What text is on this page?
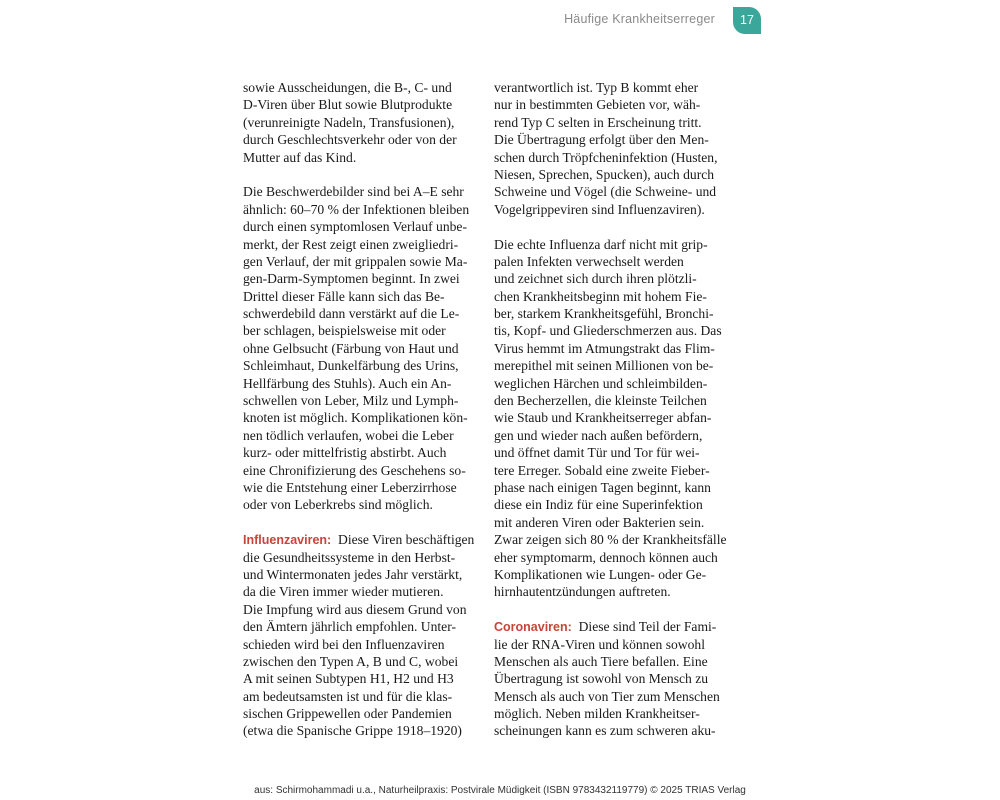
Häufige Krankheitserreger	17
sowie Ausscheidungen, die B-, C- und
D-Viren über Blut sowie Blutprodukte
(verunreinigte Nadeln, Transfusionen),
durch Geschlechtsverkehr oder von der
Mutter auf das Kind.
Die Beschwerdebilder sind bei A–E sehr
ähnlich: 60–70 % der Infektionen bleiben
durch einen symptomlosen Verlauf unbe-
merkt, der Rest zeigt einen zweigliedri-
gen Verlauf, der mit grippalen sowie Ma-
gen-Darm-Symptomen beginnt. In zwei
Drittel dieser Fälle kann sich das Be-
schwerdebild dann verstärkt auf die Le-
ber schlagen, beispielsweise mit oder
ohne Gelbsucht (Färbung von Haut und
Schleimhaut, Dunkelfärbung des Urins,
Hellfärbung des Stuhls). Auch ein An-
schwellen von Leber, Milz und Lymph-
knoten ist möglich. Komplikationen kön-
nen tödlich verlaufen, wobei die Leber
kurz- oder mittelfristig abstirbt. Auch
eine Chronifizierung des Geschehens so-
wie die Entstehung einer Leberzirrhose
oder von Leberkrebs sind möglich.
Influenzaviren: Diese Viren beschäftigen
die Gesundheitssysteme in den Herbst-
und Wintermonaten jedes Jahr verstärkt,
da die Viren immer wieder mutieren.
Die Impfung wird aus diesem Grund von
den Ämtern jährlich empfohlen. Unter-
schieden wird bei den Influenzaviren
zwischen den Typen A, B und C, wobei
A mit seinen Subtypen H1, H2 und H3
am bedeutsamsten ist und für die klas-
sischen Grippewellen oder Pandemien
(etwa die Spanische Grippe 1918–1920)
verantwortlich ist. Typ B kommt eher
nur in bestimmten Gebieten vor, wäh-
rend Typ C selten in Erscheinung tritt.
Die Übertragung erfolgt über den Men-
schen durch Tröpfcheninfektion (Husten,
Niesen, Sprechen, Spucken), auch durch
Schweine und Vögel (die Schweine- und
Vogelgrippeviren sind Influenzaviren).
Die echte Influenza darf nicht mit grip-
palen Infekten verwechselt werden
und zeichnet sich durch ihren plötzli-
chen Krankheitsbeginn mit hohem Fie-
ber, starkem Krankheitsgefühl, Bronchi-
tis, Kopf- und Gliederschmerzen aus. Das
Virus hemmt im Atmungstrakt das Flim-
merepithel mit seinen Millionen von be-
weglichen Härchen und schleimbilden-
den Becherzellen, die kleinste Teilchen
wie Staub und Krankheitserreger abfan-
gen und wieder nach außen befördern,
und öffnet damit Tür und Tor für wei-
tere Erreger. Sobald eine zweite Fieber-
phase nach einigen Tagen beginnt, kann
diese ein Indiz für eine Superinfektion
mit anderen Viren oder Bakterien sein.
Zwar zeigen sich 80 % der Krankheitsfälle
eher symptomarm, dennoch können auch
Komplikationen wie Lungen- oder Ge-
hirnhautentzündungen auftreten.
Coronaviren: Diese sind Teil der Fami-
lie der RNA-Viren und können sowohl
Menschen als auch Tiere befallen. Eine
Übertragung ist sowohl von Mensch zu
Mensch als auch von Tier zum Menschen
möglich. Neben milden Krankheitser-
scheinungen kann es zum schweren aku-
aus: Schirmohammadi u.a., Naturheilpraxis: Postvirale Müdigkeit (ISBN 9783432119779) © 2025 TRIAS Verlag
